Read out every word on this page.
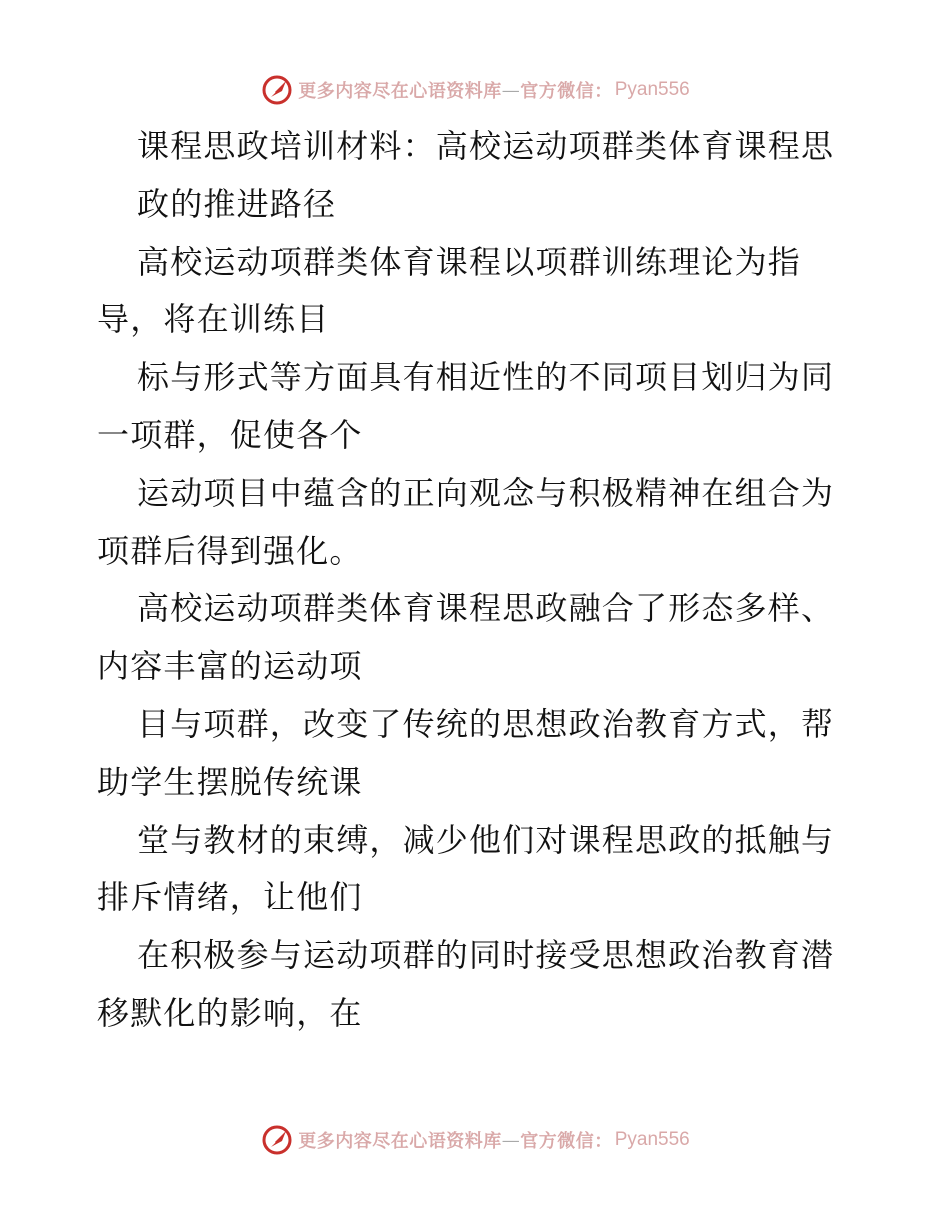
更多内容尽在心语资料库 — 官方微信： Pyan556
课程思政培训材料：高校运动项群类体育课程思
政的推进路径
高校运动项群类体育课程以项群训练理论为指
导，将在训练目
标与形式等方面具有相近性的不同项目划归为同
一项群，促使各个
运动项目中蕴含的正向观念与积极精神在组合为
项群后得到强化。
高校运动项群类体育课程思政融合了形态多样、
内容丰富的运动项
目与项群，改变了传统的思想政治教育方式，帮
助学生摆脱传统课
堂与教材的束缚，减少他们对课程思政的抵触与
排斥情绪，让他们
在积极参与运动项群的同时接受思想政治教育潜
移默化的影响，在
更多内容尽在心语资料库 — 官方微信： Pyan556
